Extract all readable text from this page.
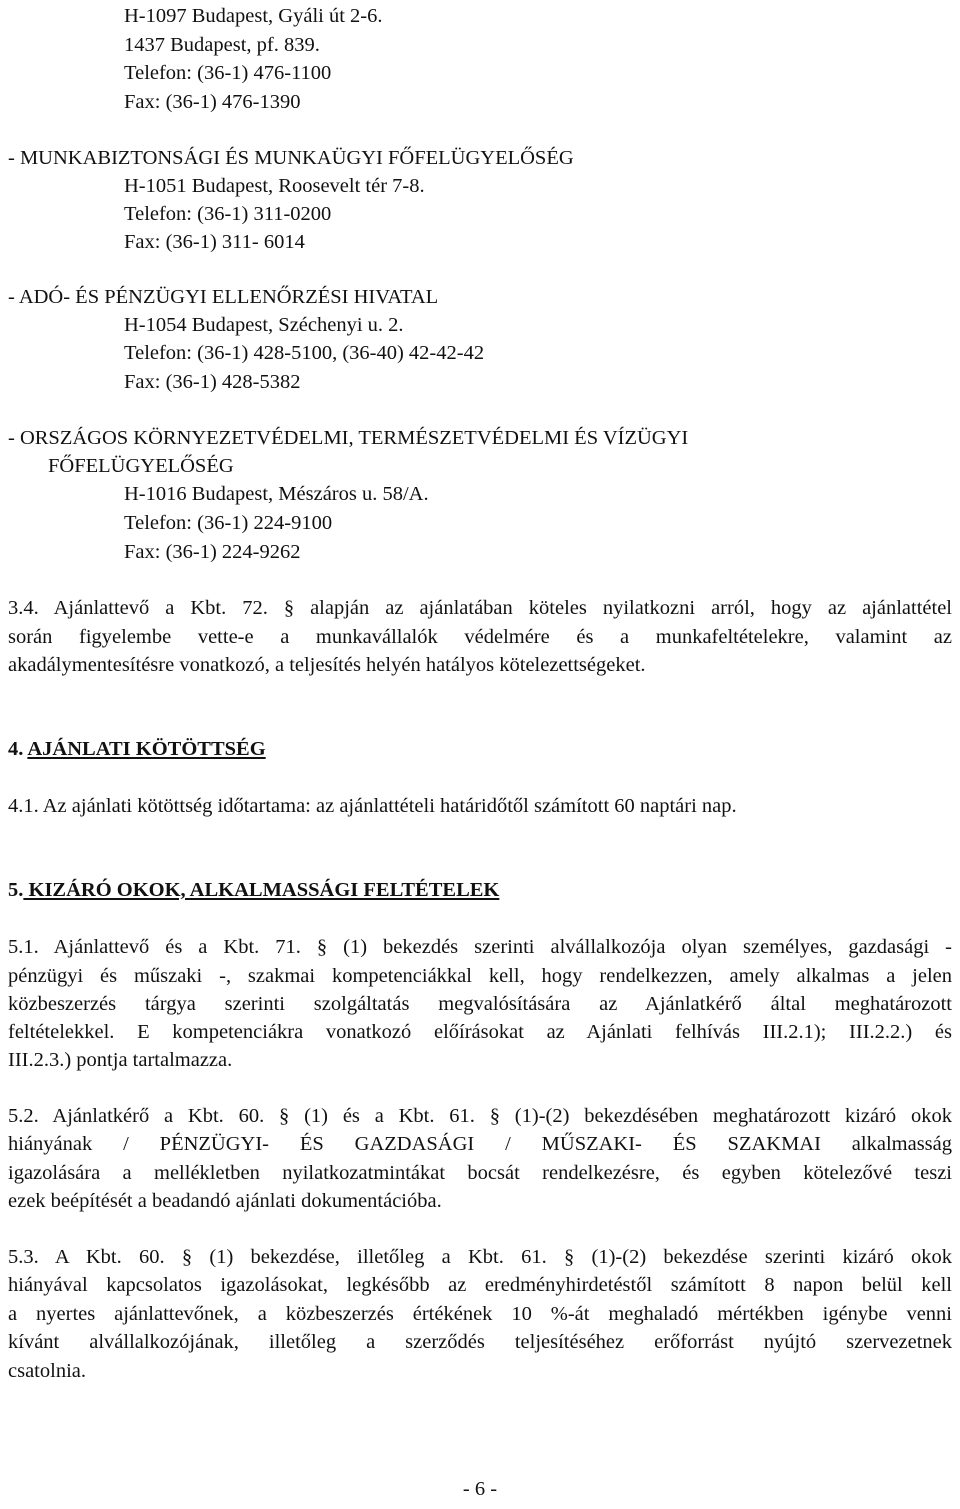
H-1097 Budapest, Gyáli út 2-6.
1437 Budapest, pf. 839.
Telefon: (36-1) 476-1100
Fax: (36-1) 476-1390
- MUNKABIZTONSÁGI ÉS MUNKAÜGYI FŐFELÜGYELŐSÉG
H-1051 Budapest, Roosevelt tér 7-8.
Telefon: (36-1) 311-0200
Fax: (36-1) 311- 6014
- ADÓ- ÉS PÉNZÜGYI ELLENŐRZÉSI HIVATAL
H-1054 Budapest, Széchenyi u. 2.
Telefon: (36-1) 428-5100, (36-40) 42-42-42
Fax: (36-1) 428-5382
- ORSZÁGOS KÖRNYEZETVÉDELMI, TERMÉSZETVÉDELMI ÉS VÍZÜGYI
FŐFELÜGYELŐSÉG
H-1016 Budapest, Mészáros u. 58/A.
Telefon: (36-1) 224-9100
Fax: (36-1) 224-9262
3.4. Ajánlattevő a Kbt. 72. § alapján az ajánlatában köteles nyilatkozni arról, hogy az ajánlattétel
során figyelembe vette-e a munkavállalók védelmére és a munkafeltételekre, valamint az
akadálymentesítésre vonatkozó, a teljesítés helyén hatályos kötelezettségeket.
4. AJÁNLATI KÖTÖTTSÉG
4.1. Az ajánlati kötöttség időtartama: az ajánlattételi határidőtől számított 60 naptári nap.
5. KIZÁRÓ OKOK, ALKALMASSÁGI FELTÉTELEK
5.1. Ajánlattevő és a Kbt. 71. § (1) bekezdés szerinti alvállalkozója olyan személyes, gazdasági -
pénzügyi és műszaki -, szakmai kompetenciákkal kell, hogy rendelkezzen, amely alkalmas a jelen
közbeszerzés tárgya szerinti szolgáltatás megvalósítására az Ajánlatkérő által meghatározott
feltételekkel. E kompetenciákra vonatkozó előírásokat az Ajánlati felhívás III.2.1); III.2.2.) és
III.2.3.) pontja tartalmazza.
5.2. Ajánlatkérő a Kbt. 60. § (1) és a Kbt. 61. § (1)-(2) bekezdésében meghatározott kizáró okok
hiányának / PÉNZÜGYI- ÉS GAZDASÁGI / MŰSZAKI- ÉS SZAKMAI alkalmasság
igazolására a mellékletben nyilatkozatmintákat bocsát rendelkezésre, és egyben kötelezővé teszi
ezek beépítését a beadandó ajánlati dokumentációba.
5.3. A Kbt. 60. § (1) bekezdése, illetőleg a Kbt. 61. § (1)-(2) bekezdése szerinti kizáró okok
hiányával kapcsolatos igazolásokat, legkésőbb az eredményhirdetéstől számított 8 napon belül kell
a nyertes ajánlattevőnek, a közbeszerzés értékének 10 %-át meghaladó mértékben igénybe venni
kívánt alvállalkozójának, illetőleg a szerződés teljesítéséhez erőforrást nyújtó szervezetnek
csatolnia.
- 6 -
